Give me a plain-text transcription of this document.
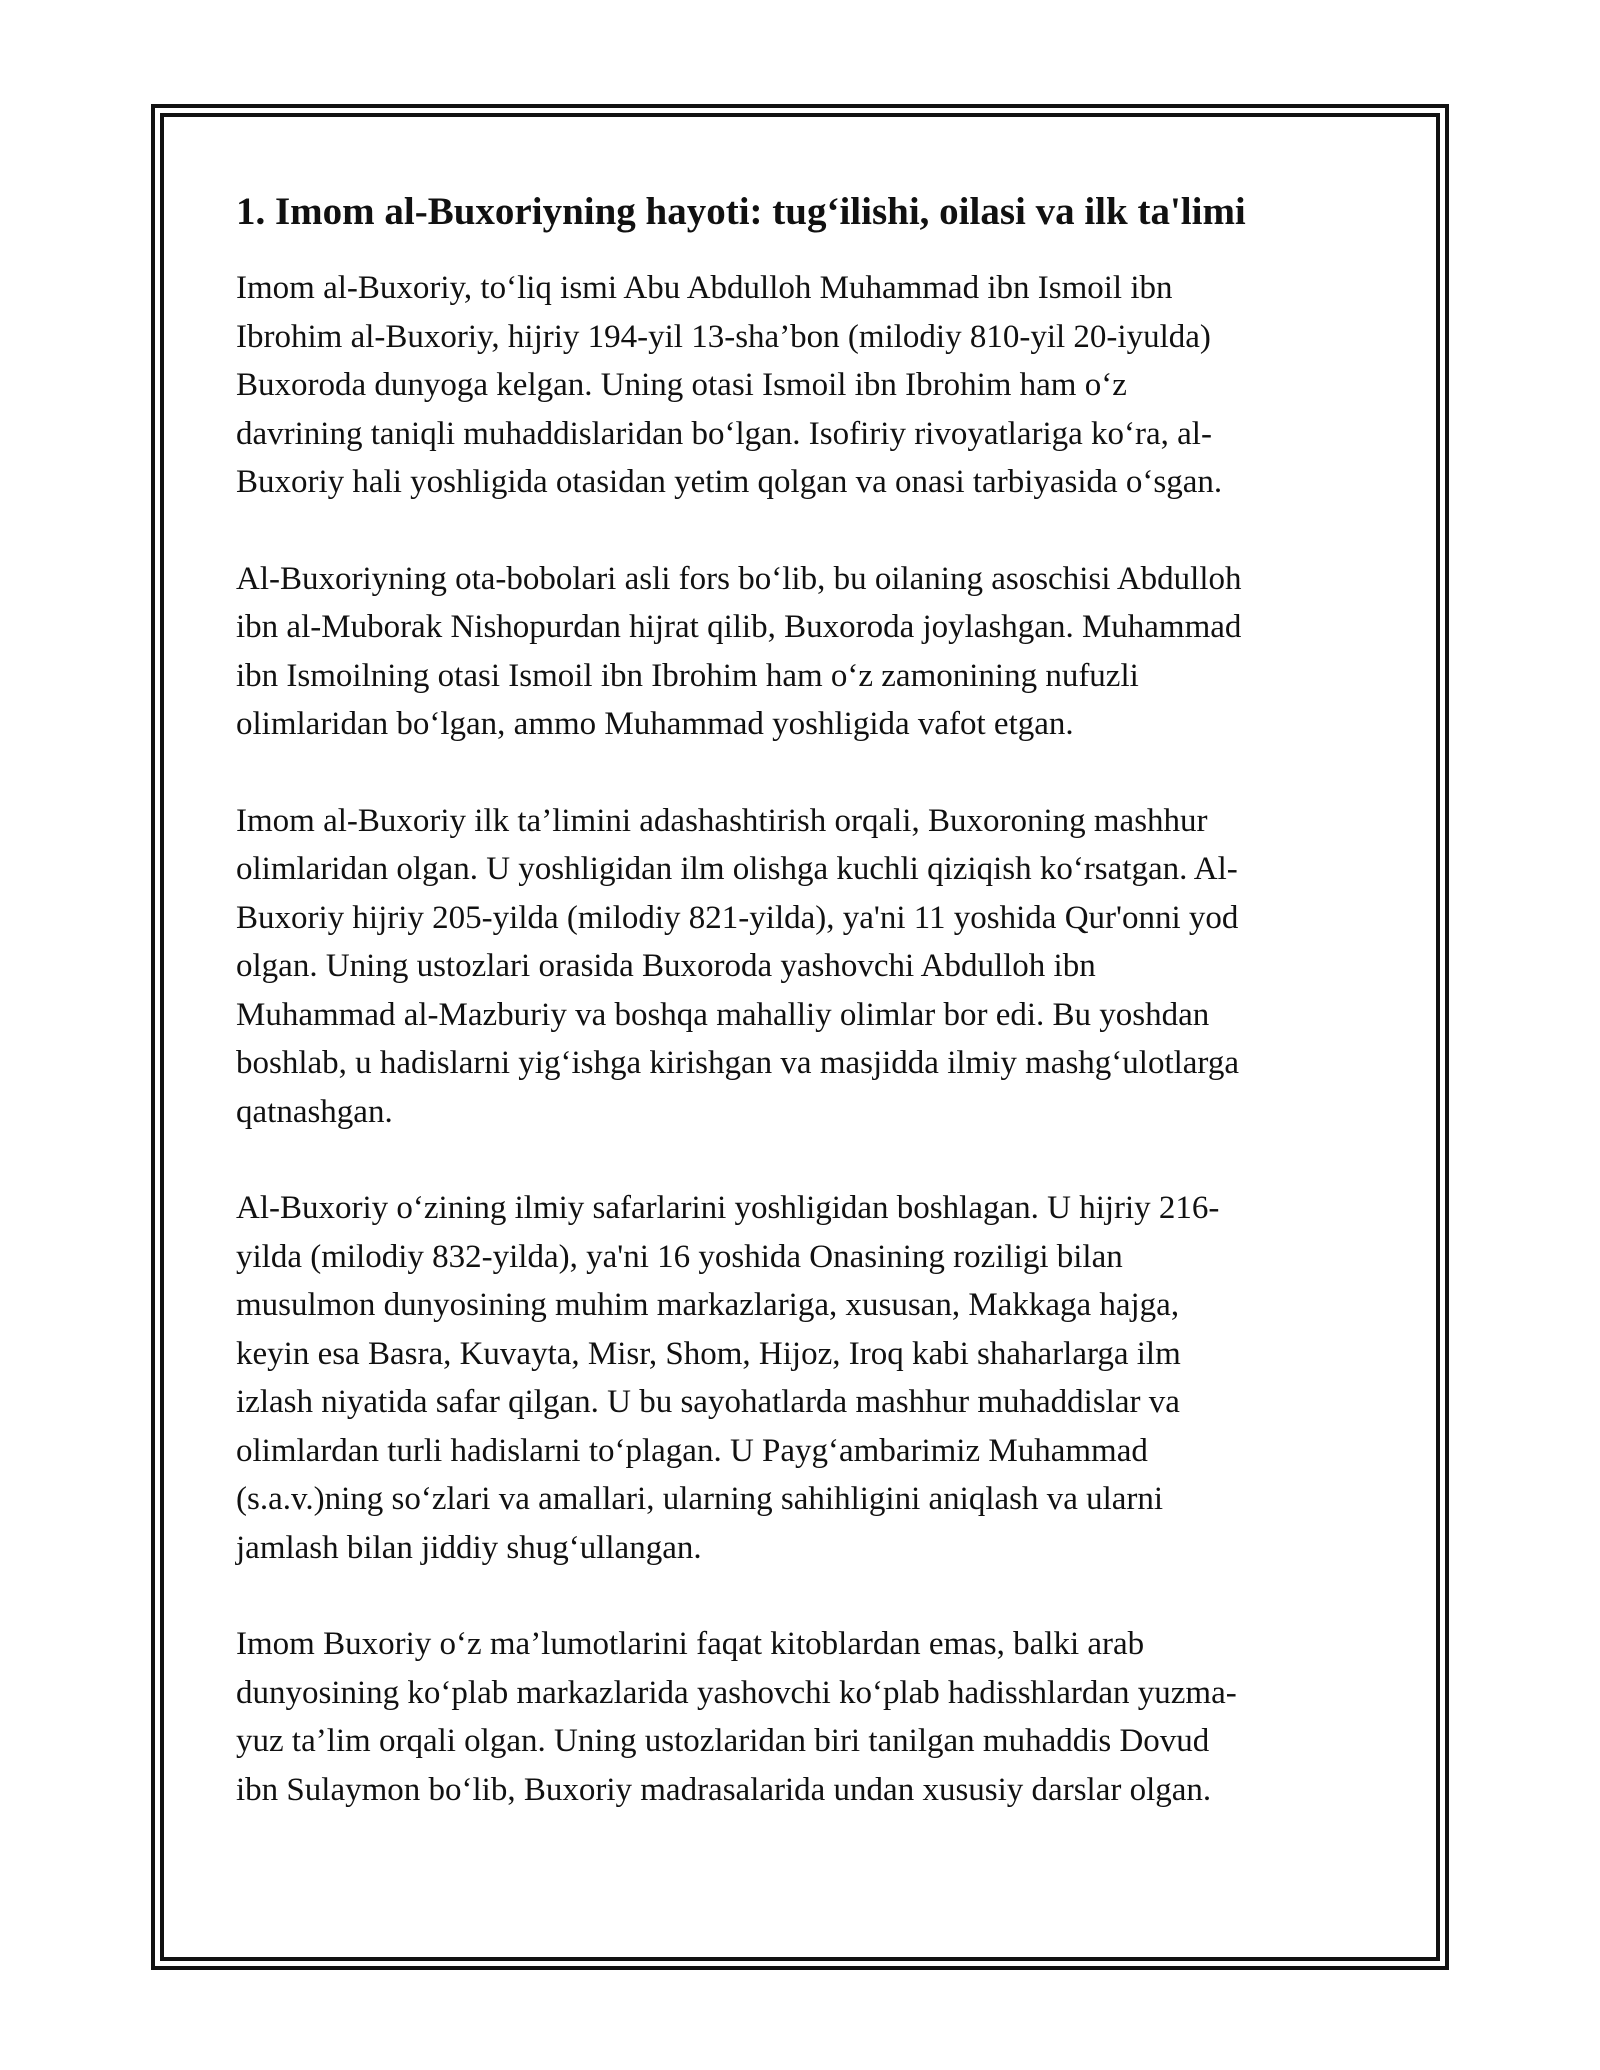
1. Imom al-Buxoriyning hayoti: tug‘ilishi, oilasi va ilk ta'limi

Imom al-Buxoriy, to‘liq ismi Abu Abdulloh Muhammad ibn Ismoil ibn
Ibrohim al-Buxoriy, hijriy 194-yil 13-sha’bon (milodiy 810-yil 20-iyulda)
Buxoroda dunyoga kelgan. Uning otasi Ismoil ibn Ibrohim ham o‘z
davrining taniqli muhaddislaridan bo‘lgan. Isofiriy rivoyatlariga ko‘ra, al-
Buxoriy hali yoshligida otasidan yetim qolgan va onasi tarbiyasida o‘sgan.

Al-Buxoriyning ota-bobolari asli fors bo‘lib, bu oilaning asoschisi Abdulloh
ibn al-Muborak Nishopurdan hijrat qilib, Buxoroda joylashgan. Muhammad
ibn Ismoilning otasi Ismoil ibn Ibrohim ham o‘z zamonining nufuzli
olimlaridan bo‘lgan, ammo Muhammad yoshligida vafot etgan.

Imom al-Buxoriy ilk ta’limini adashashtirish orqali, Buxoroning mashhur
olimlaridan olgan. U yoshligidan ilm olishga kuchli qiziqish ko‘rsatgan. Al-
Buxoriy hijriy 205-yilda (milodiy 821-yilda), ya'ni 11 yoshida Qur'onni yod
olgan. Uning ustozlari orasida Buxoroda yashovchi Abdulloh ibn
Muhammad al-Mazburiy va boshqa mahalliy olimlar bor edi. Bu yoshdan
boshlab, u hadislarni yig‘ishga kirishgan va masjidda ilmiy mashg‘ulotlarga
qatnashgan.

Al-Buxoriy o‘zining ilmiy safarlarini yoshligidan boshlagan. U hijriy 216-
yilda (milodiy 832-yilda), ya'ni 16 yoshida Onasining roziligi bilan
musulmon dunyosining muhim markazlariga, xususan, Makkaga hajga,
keyin esa Basra, Kuvayta, Misr, Shom, Hijoz, Iroq kabi shaharlarga ilm
izlash niyatida safar qilgan. U bu sayohatlarda mashhur muhaddislar va
olimlardan turli hadislarni to‘plagan. U Payg‘ambarimiz Muhammad
(s.a.v.)ning so‘zlari va amallari, ularning sahihligini aniqlash va ularni
jamlash bilan jiddiy shug‘ullangan.

Imom Buxoriy o‘z ma’lumotlarini faqat kitoblardan emas, balki arab
dunyosining ko‘plab markazlarida yashovchi ko‘plab hadisshlardan yuzma-
yuz ta’lim orqali olgan. Uning ustozlaridan biri tanilgan muhaddis Dovud
ibn Sulaymon bo‘lib, Buxoriy madrasalarida undan xususiy darslar olgan.
